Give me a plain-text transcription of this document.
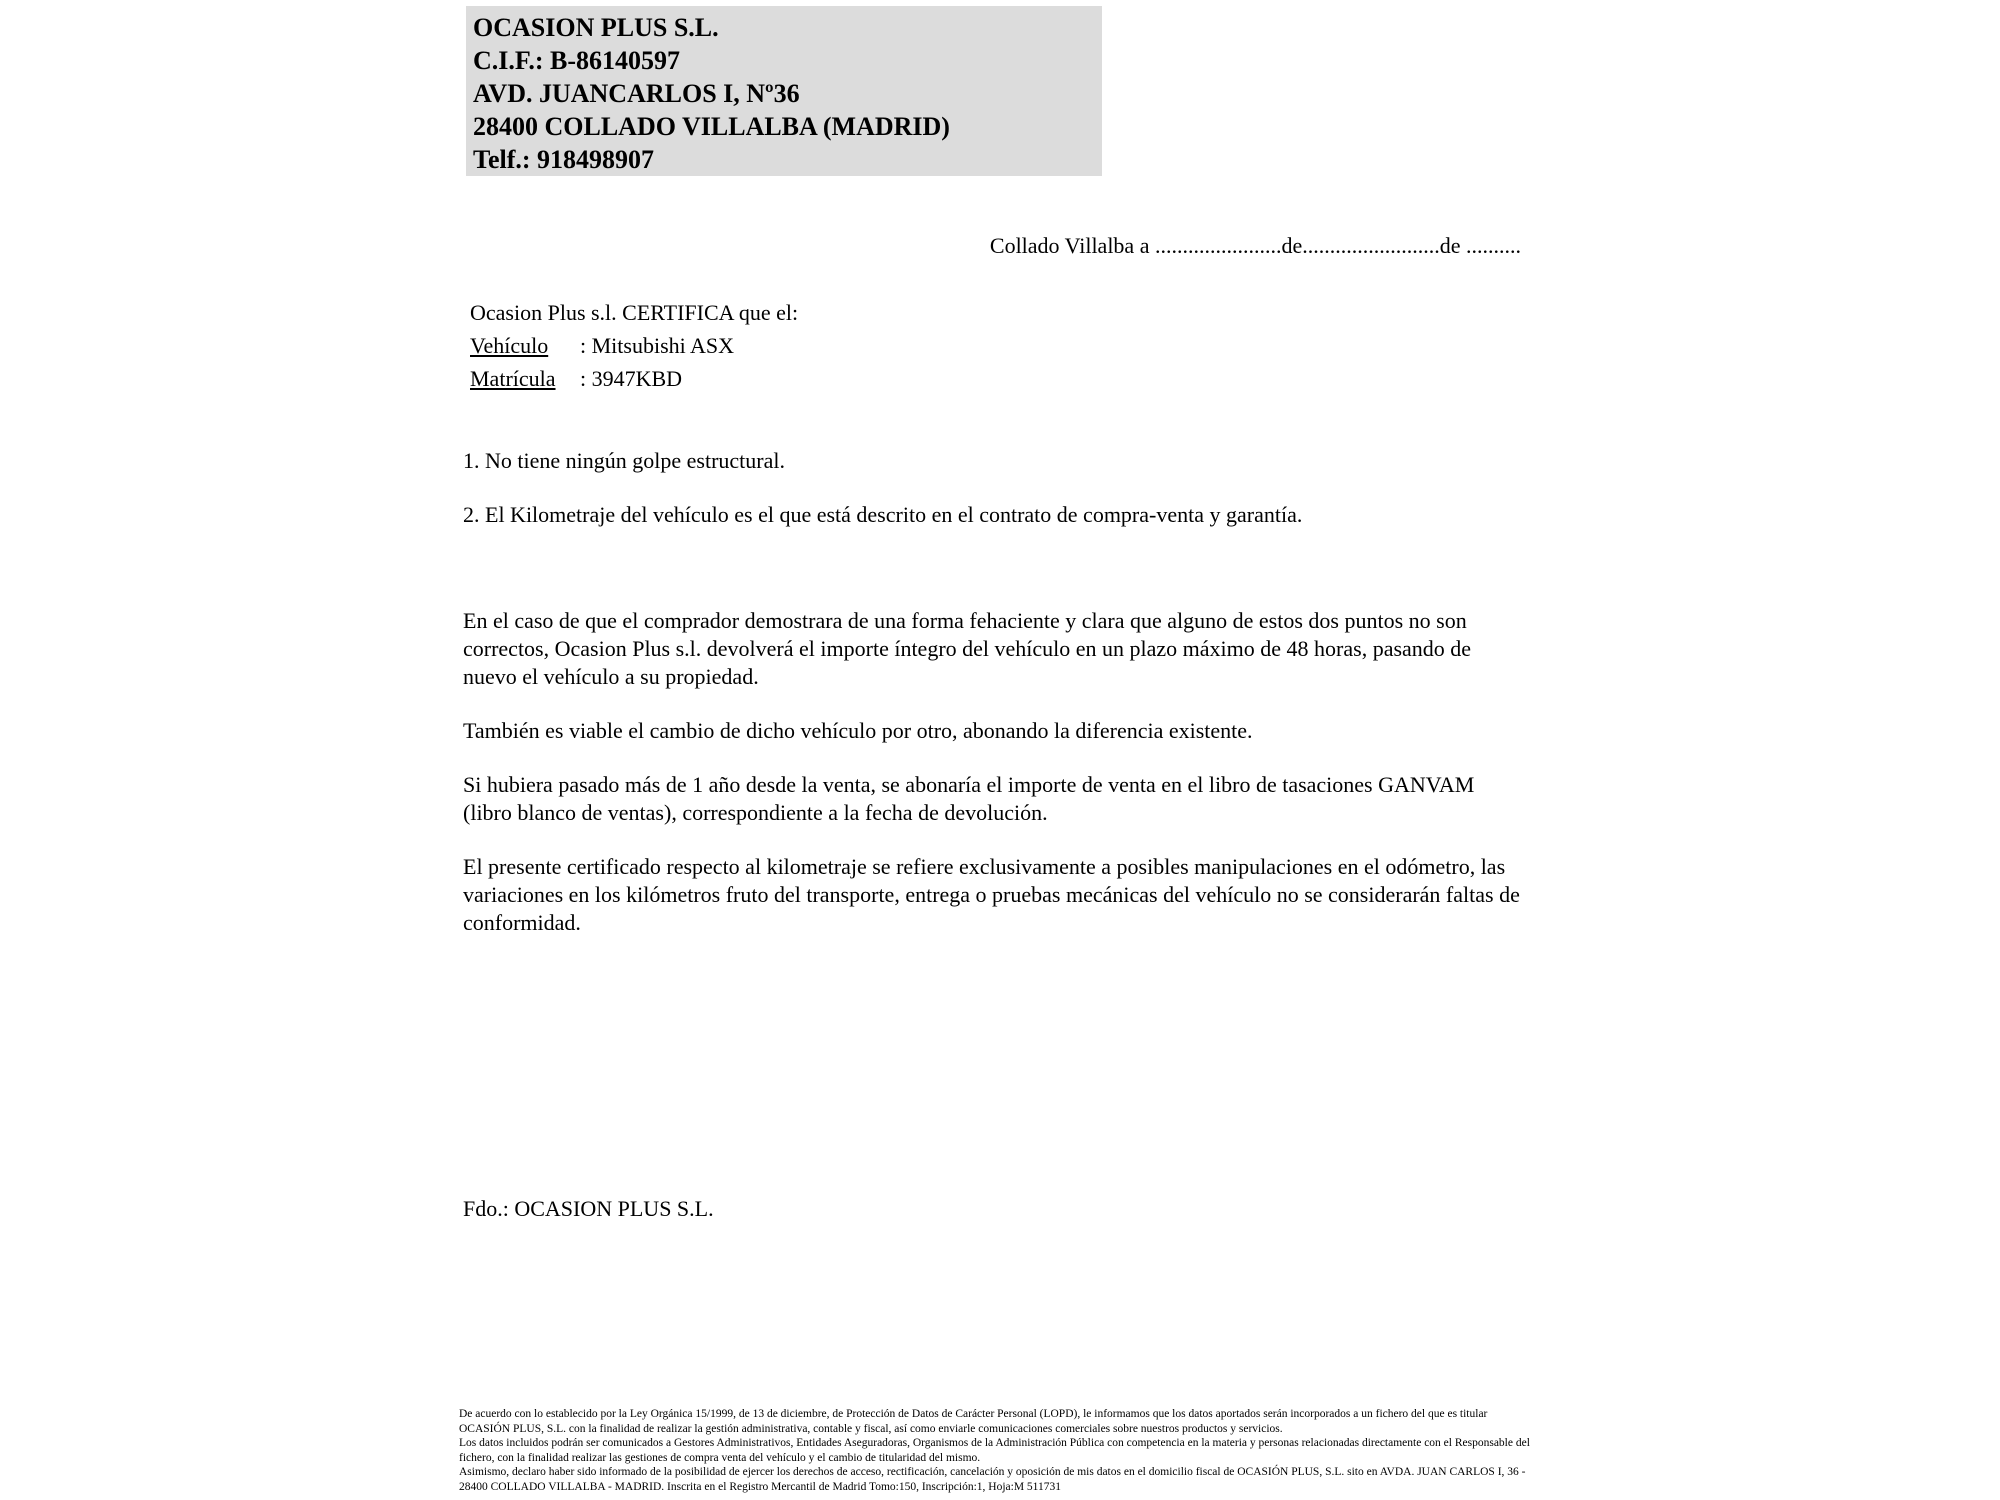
OCASION PLUS S.L.
C.I.F.: B-86140597
AVD. JUANCARLOS I, Nº36
28400 COLLADO VILLALBA (MADRID)
Telf.: 918498907
Collado Villalba a .......................de.........................de ..........
Ocasion Plus s.l. CERTIFICA que el:
Vehículo : Mitsubishi ASX
Matrícula : 3947KBD
1. No tiene ningún golpe estructural.
2. El Kilometraje del vehículo es el que está descrito en el contrato de compra-venta y garantía.

En el caso de que el comprador demostrara de una forma fehaciente y clara que alguno de estos dos puntos no son correctos, Ocasion Plus s.l. devolverá el importe íntegro del vehículo en un plazo máximo de 48 horas, pasando de nuevo el vehículo a su propiedad.

También es viable el cambio de dicho vehículo por otro, abonando la diferencia existente.

Si hubiera pasado más de 1 año desde la venta, se abonaría el importe de venta en el libro de tasaciones GANVAM (libro blanco de ventas), correspondiente a la fecha de devolución.

El presente certificado respecto al kilometraje se refiere exclusivamente a posibles manipulaciones en el odómetro, las variaciones en los kilómetros fruto del transporte, entrega o pruebas mecánicas del vehículo no se considerarán faltas de conformidad.

Fdo.: OCASION PLUS S.L.

De acuerdo con lo establecido por la Ley Orgánica 15/1999, de 13 de diciembre, de Protección de Datos de Carácter Personal (LOPD), le informamos que los datos aportados serán incorporados a un fichero del que es titular OCASIÓN PLUS, S.L. con la finalidad de realizar la gestión administrativa, contable y fiscal, así como enviarle comunicaciones comerciales sobre nuestros productos y servicios.

Los datos incluidos podrán ser comunicados a Gestores Administrativos, Entidades Aseguradoras, Organismos de la Administración Pública con competencia en la materia y personas relacionadas directamente con el Responsable del fichero, con la finalidad realizar las gestiones de compra venta del vehículo y el cambio de titularidad del mismo.

Asimismo, declaro haber sido informado de la posibilidad de ejercer los derechos de acceso, rectificación, cancelación y oposición de mis datos en el domicilio fiscal de OCASIÓN PLUS, S.L. sito en AVDA. JUAN CARLOS I, 36 - 28400 COLLADO VILLALBA - MADRID. Inscrita en el Registro Mercantil de Madrid Tomo:150, Inscripción:1, Hoja:M 511731
